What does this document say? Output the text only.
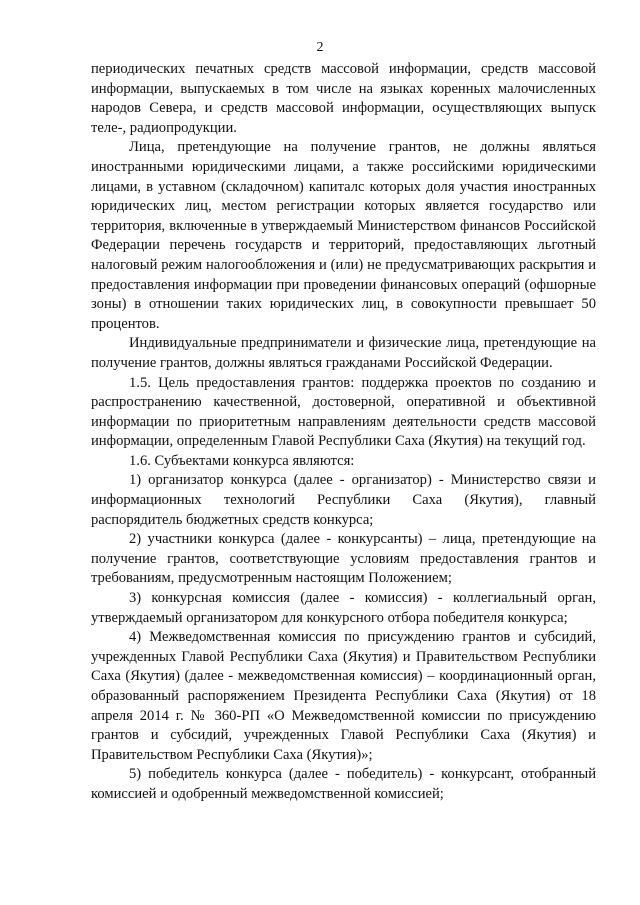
2

периодических печатных средств массовой информации, средств массовой информации, выпускаемых в том числе на языках коренных малочисленных народов Севера, и средств массовой информации, осуществляющих выпуск теле-, радиопродукции.

Лица, претендующие на получение грантов, не должны являться иностранными юридическими лицами, а также российскими юридическими лицами, в уставном (складочном) капиталс которых доля участия иностранных юридических лиц, местом регистрации которых является государство или территория, включенные в утверждаемый Министерством финансов Российской Федерации перечень государств и территорий, предоставляющих льготный налоговый режим налогообложения и (или) не предусматривающих раскрытия и предоставления информации при проведении финансовых операций (офшорные зоны) в отношении таких юридических лиц, в совокупности превышает 50 процентов.

Индивидуальные предприниматели и физические лица, претендующие на получение грантов, должны являться гражданами Российской Федерации.

1.5. Цель предоставления грантов: поддержка проектов по созданию и распространению качественной, достоверной, оперативной и объективной информации по приоритетным направлениям деятельности средств массовой информации, определенным Главой Республики Саха (Якутия) на текущий год.

1.6. Субъектами конкурса являются:

1) организатор конкурса (далее - организатор) - Министерство связи и информационных технологий Республики Саха (Якутия), главный распорядитель бюджетных средств конкурса;

2) участники конкурса (далее - конкурсанты) – лица, претендующие на получение грантов, соответствующие условиям предоставления грантов и требованиям, предусмотренным настоящим Положением;

3) конкурсная комиссия (далее - комиссия) - коллегиальный орган, утверждаемый организатором для конкурсного отбора победителя конкурса;

4) Межведомственная комиссия по присуждению грантов и субсидий, учрежденных Главой Республики Саха (Якутия) и Правительством Республики Саха (Якутия) (далее - межведомственная комиссия) – координационный орган, образованный распоряжением Президента Республики Саха (Якутия) от 18 апреля 2014 г. № 360-РП «О Межведомственной комиссии по присуждению грантов и субсидий, учрежденных Главой Республики Саха (Якутия) и Правительством Республики Саха (Якутия)»;

5) победитель конкурса (далее - победитель) - конкурсант, отобранный комиссией и одобренный межведомственной комиссией;
